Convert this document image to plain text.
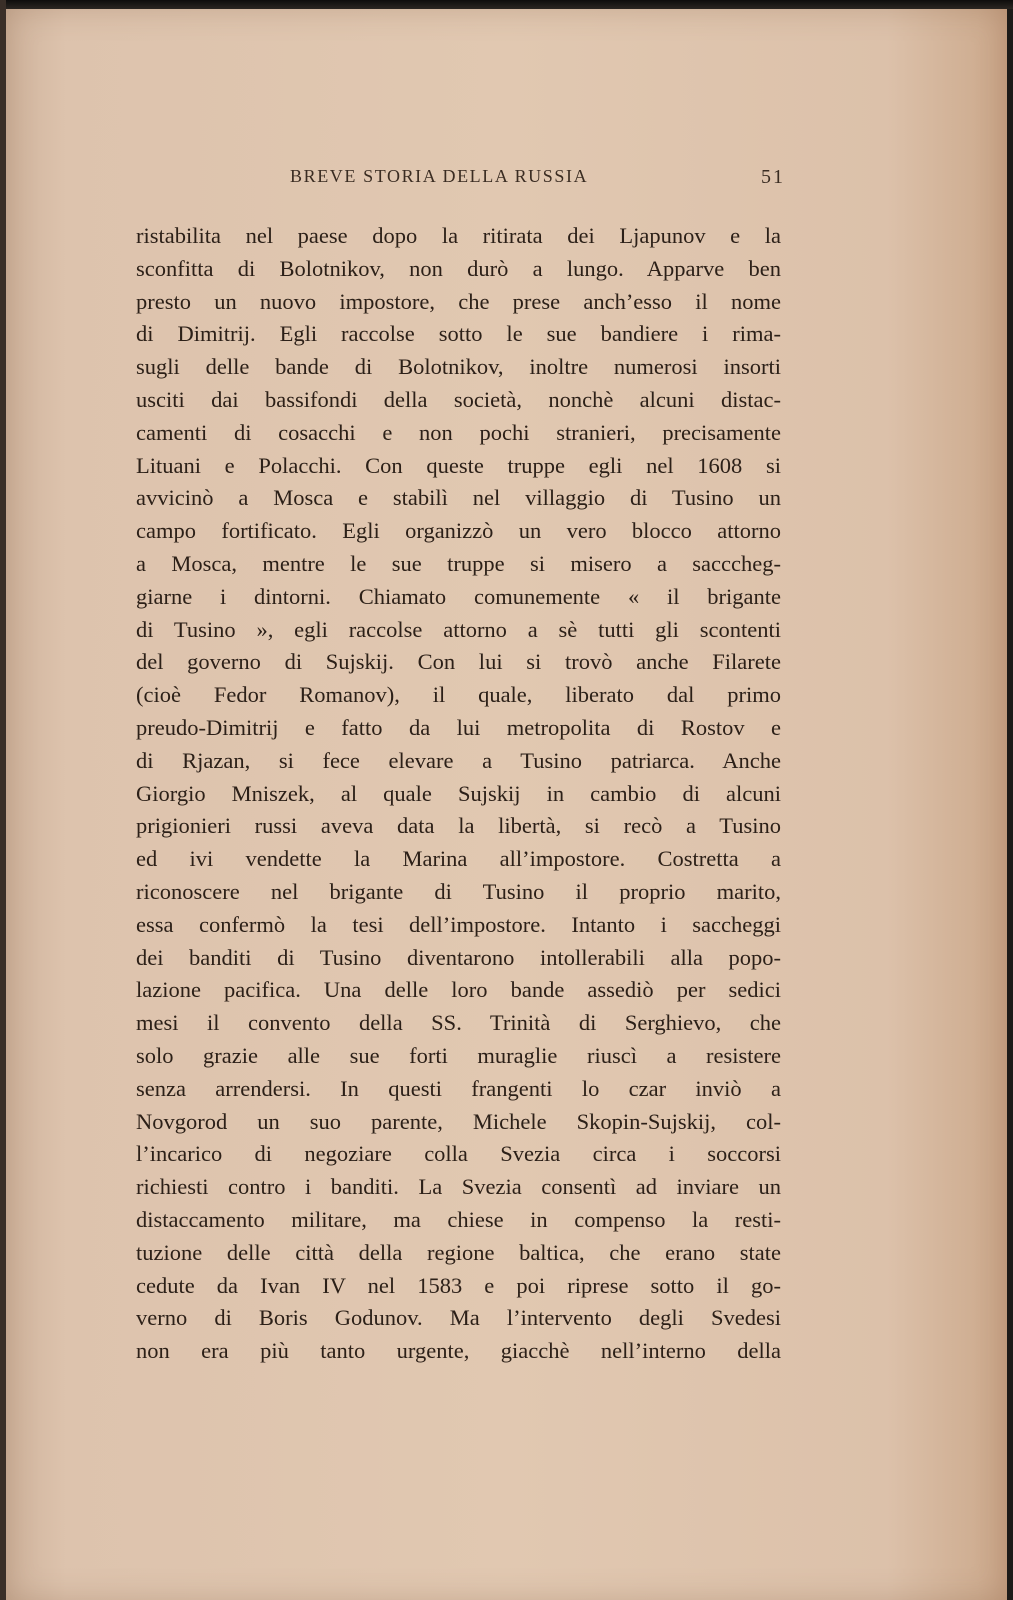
BREVE STORIA DELLA RUSSIA	51
ristabilita nel paese dopo la ritirata dei Ljapunov e la
sconfitta di Bolotnikov, non durò a lungo. Apparve ben
presto un nuovo impostore, che prese anch’esso il nome
di Dimitrij. Egli raccolse sotto le sue bandiere i rima-
sugli delle bande di Bolotnikov, inoltre numerosi insorti
usciti dai bassifondi della società, nonchè alcuni distac-
camenti di cosacchi e non pochi stranieri, precisamente
Lituani e Polacchi. Con queste truppe egli nel 1608 si
avvicinò a Mosca e stabilì nel villaggio di Tusino un
campo fortificato. Egli organizzò un vero blocco attorno
a Mosca, mentre le sue truppe si misero a sacccheg-
giarne i dintorni. Chiamato comunemente « il brigante
di Tusino », egli raccolse attorno a sè tutti gli scontenti
del governo di Sujskij. Con lui si trovò anche Filarete
(cioè Fedor Romanov), il quale, liberato dal primo
preudo-Dimitrij e fatto da lui metropolita di Rostov e
di Rjazan, si fece elevare a Tusino patriarca. Anche
Giorgio Mniszek, al quale Sujskij in cambio di alcuni
prigionieri russi aveva data la libertà, si recò a Tusino
ed ivi vendette la Marina all’impostore. Costretta a
riconoscere nel brigante di Tusino il proprio marito,
essa confermò la tesi dell’impostore. Intanto i saccheggi
dei banditi di Tusino diventarono intollerabili alla popo-
lazione pacifica. Una delle loro bande assediò per sedici
mesi il convento della SS. Trinità di Serghievo, che
solo grazie alle sue forti muraglie riuscì a resistere
senza arrendersi. In questi frangenti lo czar inviò a
Novgorod un suo parente, Michele Skopin-Sujskij, col-
l’incarico di negoziare colla Svezia circa i soccorsi
richiesti contro i banditi. La Svezia consentì ad inviare un
distaccamento militare, ma chiese in compenso la resti-
tuzione delle città della regione baltica, che erano state
cedute da Ivan IV nel 1583 e poi riprese sotto il go-
verno di Boris Godunov. Ma l’intervento degli Svedesi
non era più tanto urgente, giacchè nell’interno della
